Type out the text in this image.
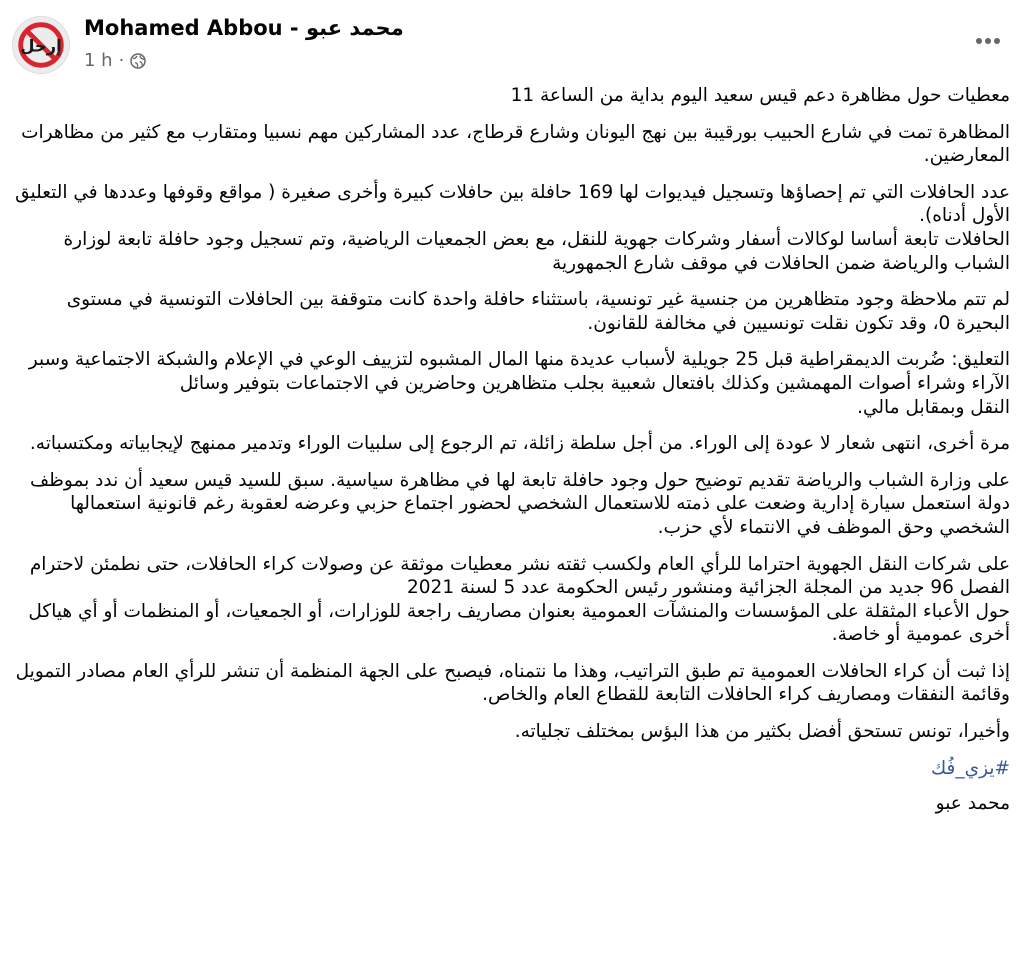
إرحل
Mohamed Abbou - محمد عبو
1 h ·

معطيات حول مظاهرة دعم قيس سعيد اليوم بداية من الساعة 11

المظاهرة تمت في شارع الحبيب بورقيبة بين نهج اليونان وشارع قرطاج، عدد المشاركين مهم نسبيا ومتقارب مع كثير من مظاهرات المعارضين.

عدد الحافلات التي تم إحصاؤها وتسجيل فيديوات لها 169 حافلة بين حافلات كبيرة وأخرى صغيرة ( مواقع وقوفها وعددها في التعليق الأول أدناه).

الحافلات تابعة أساسا لوكالات أسفار وشركات جهوية للنقل، مع بعض الجمعيات الرياضية، وتم تسجيل وجود حافلة تابعة لوزارة الشباب والرياضة ضمن الحافلات في موقف شارع الجمهورية

لم تتم ملاحظة وجود متظاهرين من جنسية غير تونسية، باستثناء حافلة واحدة كانت متوقفة بين الحافلات التونسية في مستوى البحيرة 0، وقد تكون نقلت تونسيين في مخالفة للقانون.

التعليق: ضُربت الديمقراطية قبل 25 جويلية لأسباب عديدة منها المال المشبوه لتزييف الوعي في الإعلام والشبكة الاجتماعية وسبر الآراء وشراء أصوات المهمشين وكذلك بافتعال شعبية بجلب متظاهرين وحاضرين في الاجتماعات بتوفير وسائل

النقل وبمقابل مالي.

مرة أخرى، انتهى شعار لا عودة إلى الوراء. من أجل سلطة زائلة، تم الرجوع إلى سلبيات الوراء وتدمير ممنهج لإيجابياته ومكتسباته.

على وزارة الشباب والرياضة تقديم توضيح حول وجود حافلة تابعة لها في مظاهرة سياسية. سبق للسيد قيس سعيد أن ندد بموظف دولة استعمل سيارة إدارية وضعت على ذمته للاستعمال الشخصي لحضور اجتماع حزبي وعرضه لعقوبة رغم قانونية استعمالها الشخصي وحق الموظف في الانتماء لأي حزب.

على شركات النقل الجهوية احتراما للرأي العام ولكسب ثقته نشر معطيات موثقة عن وصولات كراء الحافلات، حتى نطمئن لاحترام الفصل 96 جديد من المجلة الجزائية ومنشور رئيس الحكومة عدد 5 لسنة 2021

حول الأعباء المثقلة على المؤسسات والمنشآت العمومية بعنوان مصاريف راجعة للوزارات، أو الجمعيات، أو المنظمات أو أي هياكل أخرى عمومية أو خاصة.

إذا ثبت أن كراء الحافلات العمومية تم طبق التراتيب، وهذا ما نتمناه، فيصبح على الجهة المنظمة أن تنشر للرأي العام مصادر التمويل وقائمة النفقات ومصاريف كراء الحافلات التابعة للقطاع العام والخاص.

وأخيرا، تونس تستحق أفضل بكثير من هذا البؤس بمختلف تجلياته.

#يزي_فُك
محمد عبو
